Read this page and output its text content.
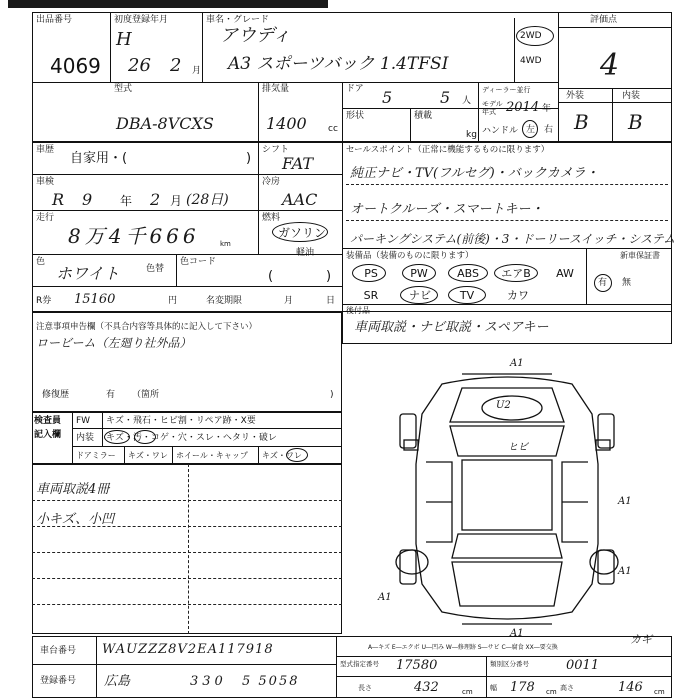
出品番号
4069
初度登録年月
H
26 2 月
車名・グレード
アウディ
A3 スポーツバック 1.4TFSI
2WD
4WD
評価点
4
型式
DBA-8VCXS
排気量
1400 cc
ドア 5	5 人
形状	積載
kg
ディーラー並行
モデル年式 2014 年
ハンドル 左 右
外装	内装
B B
車歴
自家用・(	)
シフト
FAT
車検
R 9 年 2 月 (28日)
冷房
AAC
走行
8万4千666	km
燃料
ガソリン
軽油
色
ホワイト	色替
色コード
(	)
R券 15160	円	名変期限	月	日
セールスポイント（正常に機能するものに限ります）
純正ナビ・TV(フルセグ)・バックカメラ・
オートクルーズ・スマートキー・
パーキングシステム(前後)・3・ドーリースイッチ・システム
装備品（装備のものに限ります）	新車保証書
PS	PW	ABS	エアB	AW
SR	ナビ	TV	カワ
有 無
後付品
車両取説・ナビ取説・スペアキー
注意事項申告欄（不具合内容等具体的に記入して下さい）
ロービーム（左廻り社外品）
修復歴	有 （箇所	)
検査員
記入欄
FW キズ・飛石・ヒビ割・リペア跡・X要
内装 キズ・汚・コゲ・穴・スレ・ヘタリ・破レ
ドアミラー キズ・ワレ ホイール・キャップ キズ・ワレ
車両取説4冊
小キズ、小凹
A1
U2
ヒビ
A1
A1
A1
A1
A―キズ E―エクボ U―凹み W―修理跡 S―サビ C―腐食 XX―要交換
カギ
車台番号 WAUZZZ8V2EA117918
登録番号 広島	330 5 5058
型式指定番号 17580	類別区分番号	0011
長さ	432	cm 幅 178 cm 高さ	146 cm
